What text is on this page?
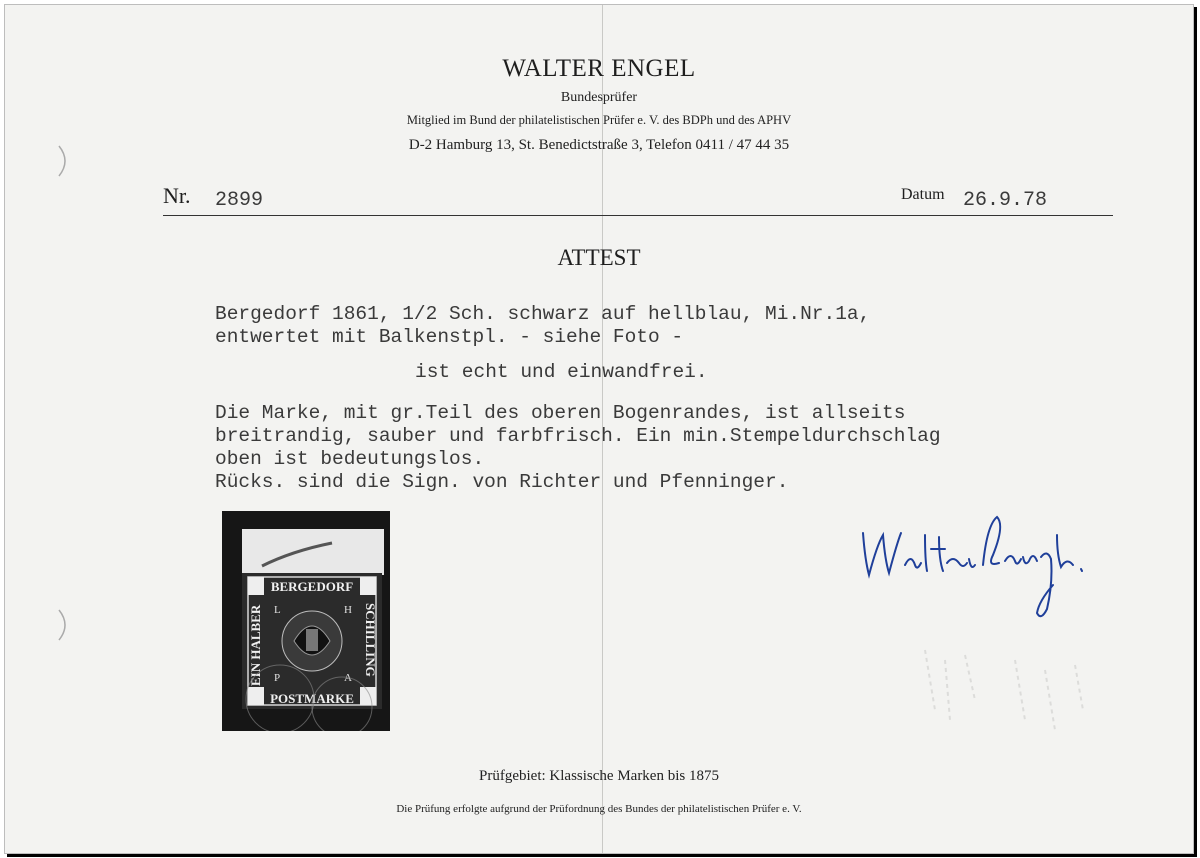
WALTER ENGEL
Bundesprüfer
Mitglied im Bund der philatelistischen Prüfer e. V. des BDPh und des APHV
D-2 Hamburg 13, St. Benedictstraße 3, Telefon 0411 / 47 44 35
Nr. 2899	Datum 26.9.78
ATTEST
Bergedorf 1861, 1/2 Sch. schwarz auf hellblau, Mi.Nr.1a,
entwertet mit Balkenstpl. - siehe Foto -
ist echt und einwandfrei.
Die Marke, mit gr.Teil des oberen Bogenrandes, ist allseits
breitrandig, sauber und farbfrisch. Ein min.Stempeldurchschlag
oben ist bedeutungslos.
Rücks. sind die Sign. von Richter und Pfenninger.
BERGEDORF
POSTMARKE
EIN HALBER	SCHILLING
L	H
P	A
Prüfgebiet: Klassische Marken bis 1875
Die Prüfung erfolgte aufgrund der Prüfordnung des Bundes der philatelistischen Prüfer e. V.
